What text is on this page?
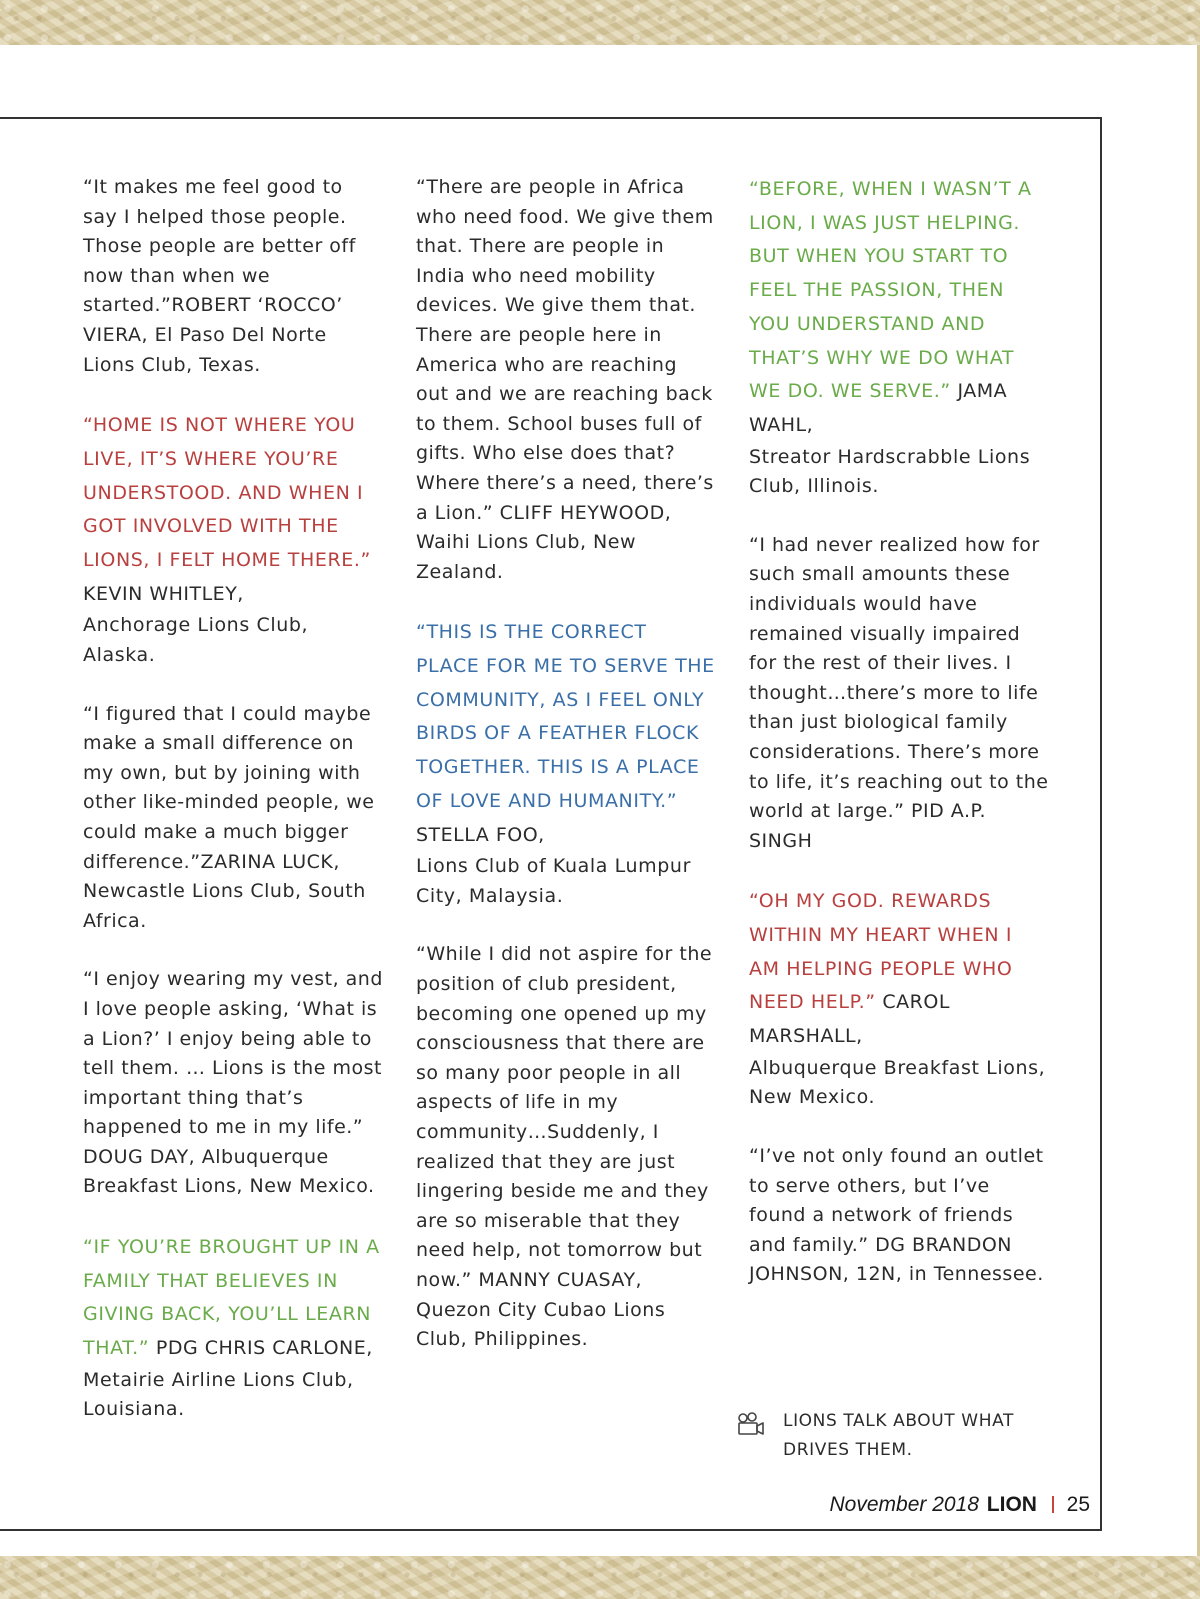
“It makes me feel good to say I helped those people. Those people are better off now than when we started.”ROBERT ‘ROCCO’ VIERA, El Paso Del Norte Lions Club, Texas.

“HOME IS NOT WHERE YOU LIVE, IT’S WHERE YOU’RE UNDERSTOOD. AND WHEN I GOT INVOLVED WITH THE LIONS, I FELT HOME THERE.” KEVIN WHITLEY,
Anchorage Lions Club, Alaska.

“I figured that I could maybe make a small difference on my own, but by joining with other like-minded people, we could make a much bigger difference.”ZARINA LUCK, Newcastle Lions Club, South Africa.

“I enjoy wearing my vest, and I love people asking, ‘What is a Lion?’ I enjoy being able to tell them. … Lions is the most important thing that’s happened to me in my life.” DOUG DAY, Albuquerque Breakfast Lions, New Mexico.

“IF YOU’RE BROUGHT UP IN A FAMILY THAT BELIEVES IN GIVING BACK, YOU’LL LEARN THAT.” PDG CHRIS CARLONE,
Metairie Airline Lions Club, Louisiana.

“There are people in Africa who need food. We give them that. There are people in India who need mobility devices. We give them that. There are people here in America who are reaching out and we are reaching back to them. School buses full of gifts. Who else does that? Where there’s a need, there’s a Lion.” CLIFF HEYWOOD, Waihi Lions Club, New Zealand.

“THIS IS THE CORRECT PLACE FOR ME TO SERVE THE COMMUNITY, AS I FEEL ONLY BIRDS OF A FEATHER FLOCK TOGETHER. THIS IS A PLACE OF LOVE AND HUMANITY.” STELLA FOO,
Lions Club of Kuala Lumpur City, Malaysia.

“While I did not aspire for the position of club president, becoming one opened up my consciousness that there are so many poor people in all aspects of life in my community…Suddenly, I realized that they are just lingering beside me and they are so miserable that they need help, not tomorrow but now.” MANNY CUASAY, Quezon City Cubao Lions Club, Philippines.

“BEFORE, WHEN I WASN’T A LION, I WAS JUST HELPING. BUT WHEN YOU START TO FEEL THE PASSION, THEN YOU UNDERSTAND AND THAT’S WHY WE DO WHAT WE DO. WE SERVE.” JAMA WAHL,
Streator Hardscrabble Lions Club, Illinois.

“I had never realized how for such small amounts these individuals would have remained visually impaired for the rest of their lives. I thought…there’s more to life than just biological family considerations. There’s more to life, it’s reaching out to the world at large.” PID A.P. SINGH

“OH MY GOD. REWARDS WITHIN MY HEART WHEN I AM HELPING PEOPLE WHO NEED HELP.” CAROL MARSHALL,
Albuquerque Breakfast Lions, New Mexico.

“I’ve not only found an outlet to serve others, but I’ve found a network of friends and family.” DG BRANDON JOHNSON, 12N, in Tennessee.

LIONS TALK ABOUT WHAT DRIVES THEM.
November 2018 LION 25
